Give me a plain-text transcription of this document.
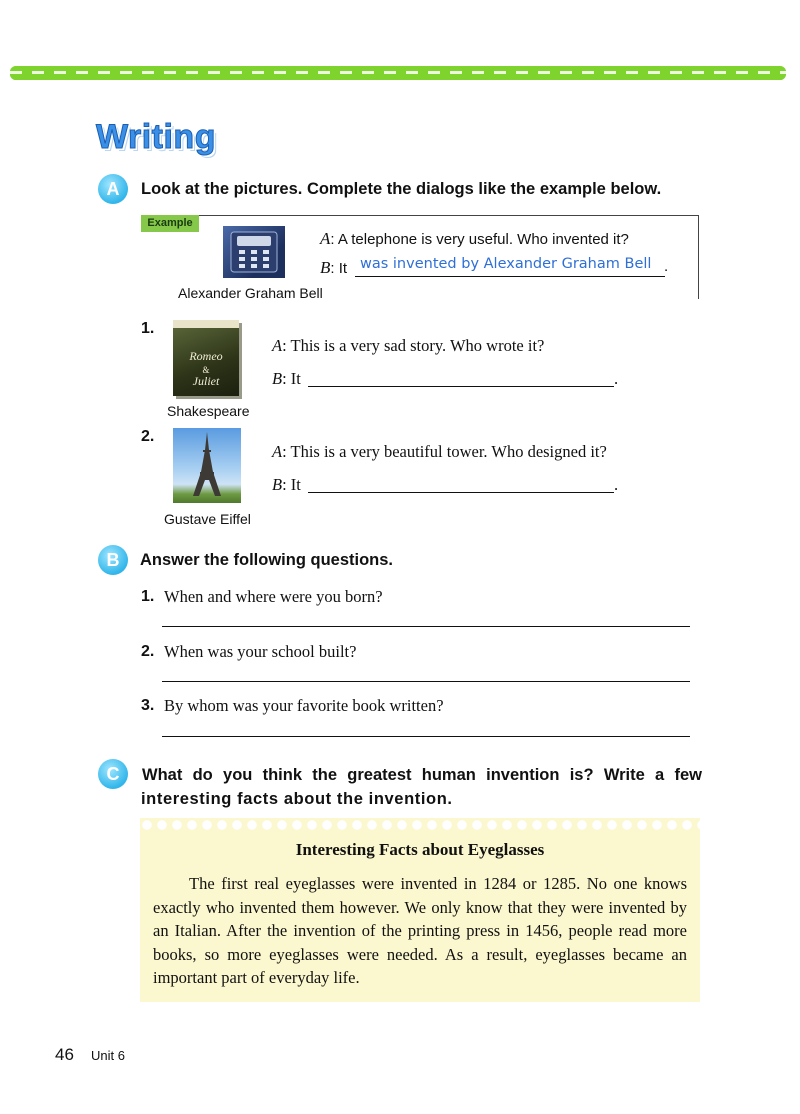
Writing
A	Look at the pictures. Complete the dialogs like the example below.
Example
Alexander Graham Bell
A: A telephone is very useful. Who invented it?
B: It was invented by Alexander Graham Bell .
1.
Romeo
&
Juliet
Shakespeare
A: This is a very sad story. Who wrote it?
B: It	.
2.
Gustave Eiffel
A: This is a very beautiful tower. Who designed it?
B: It	.
B	Answer the following questions.
1. When and where were you born?
2. When was your school built?
3. By whom was your favorite book written?
C	What do you think the greatest human invention is? Write a few
interesting facts about the invention.
Interesting Facts about Eyeglasses
The first real eyeglasses were invented in 1284 or 1285. No one knows exactly who invented them however. We only know that they were invented by an Italian. After the invention of the printing press in 1456, people read more books, so more eyeglasses were needed. As a result, eyeglasses became an important part of everyday life.
46 Unit 6
